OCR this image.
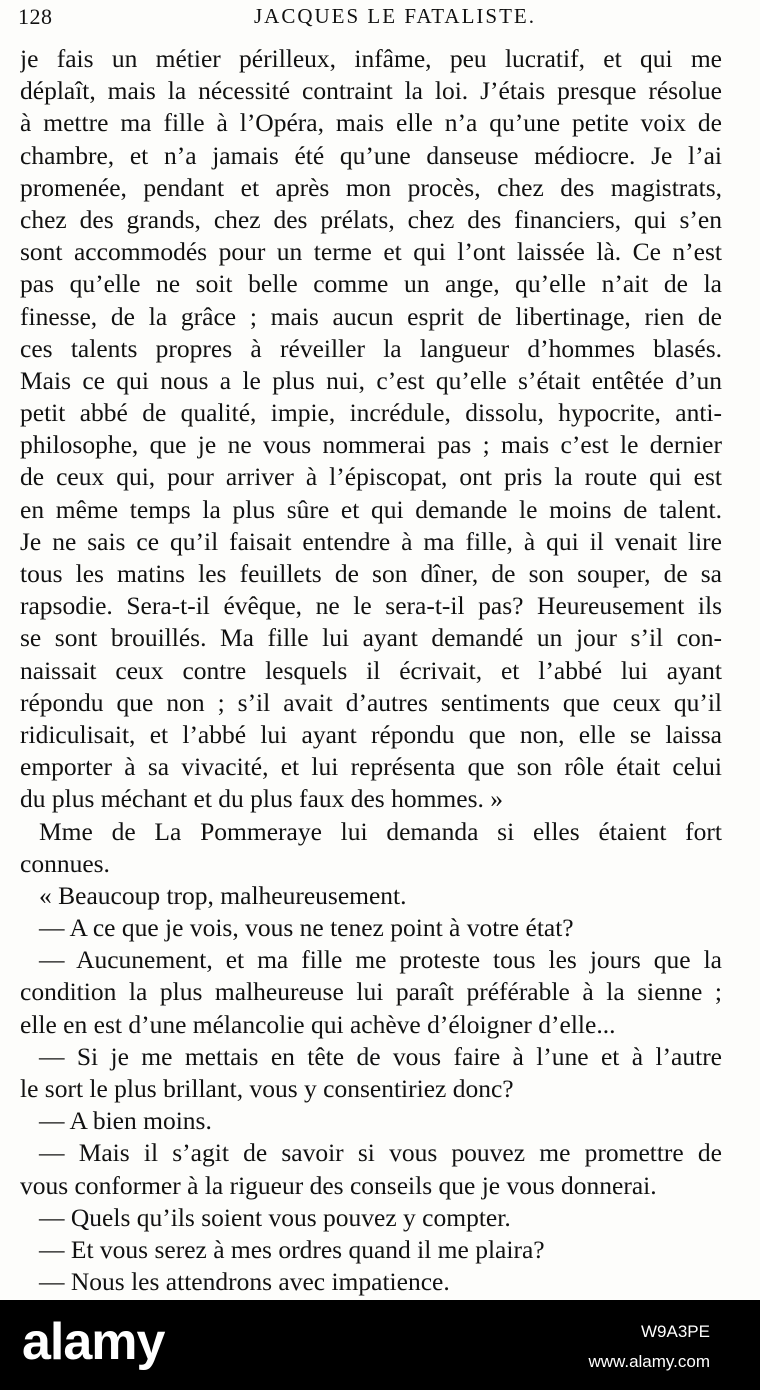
128	JACQUES LE FATALISTE.
je fais un métier périlleux, infâme, peu lucratif, et qui me
déplaît, mais la nécessité contraint la loi. J’étais presque résolue
à mettre ma fille à l’Opéra, mais elle n’a qu’une petite voix de
chambre, et n’a jamais été qu’une danseuse médiocre. Je l’ai
promenée, pendant et après mon procès, chez des magistrats,
chez des grands, chez des prélats, chez des financiers, qui s’en
sont accommodés pour un terme et qui l’ont laissée là. Ce n’est
pas qu’elle ne soit belle comme un ange, qu’elle n’ait de la
finesse, de la grâce ; mais aucun esprit de libertinage, rien de
ces talents propres à réveiller la langueur d’hommes blasés.
Mais ce qui nous a le plus nui, c’est qu’elle s’était entêtée d’un
petit abbé de qualité, impie, incrédule, dissolu, hypocrite, anti-
philosophe, que je ne vous nommerai pas ; mais c’est le dernier
de ceux qui, pour arriver à l’épiscopat, ont pris la route qui est
en même temps la plus sûre et qui demande le moins de talent.
Je ne sais ce qu’il faisait entendre à ma fille, à qui il venait lire
tous les matins les feuillets de son dîner, de son souper, de sa
rapsodie. Sera-t-il évêque, ne le sera-t-il pas? Heureusement ils
se sont brouillés. Ma fille lui ayant demandé un jour s’il con-
naissait ceux contre lesquels il écrivait, et l’abbé lui ayant
répondu que non ; s’il avait d’autres sentiments que ceux qu’il
ridiculisait, et l’abbé lui ayant répondu que non, elle se laissa
emporter à sa vivacité, et lui représenta que son rôle était celui
du plus méchant et du plus faux des hommes. »
Mme de La Pommeraye lui demanda si elles étaient fort
connues.
« Beaucoup trop, malheureusement.
— A ce que je vois, vous ne tenez point à votre état?
— Aucunement, et ma fille me proteste tous les jours que la
condition la plus malheureuse lui paraît préférable à la sienne ;
elle en est d’une mélancolie qui achève d’éloigner d’elle...
— Si je me mettais en tête de vous faire à l’une et à l’autre
le sort le plus brillant, vous y consentiriez donc?
— A bien moins.
— Mais il s’agit de savoir si vous pouvez me promettre de
vous conformer à la rigueur des conseils que je vous donnerai.
— Quels qu’ils soient vous pouvez y compter.
— Et vous serez à mes ordres quand il me plaira?
— Nous les attendrons avec impatience.
alamy	W9A3PE
www.alamy.com
